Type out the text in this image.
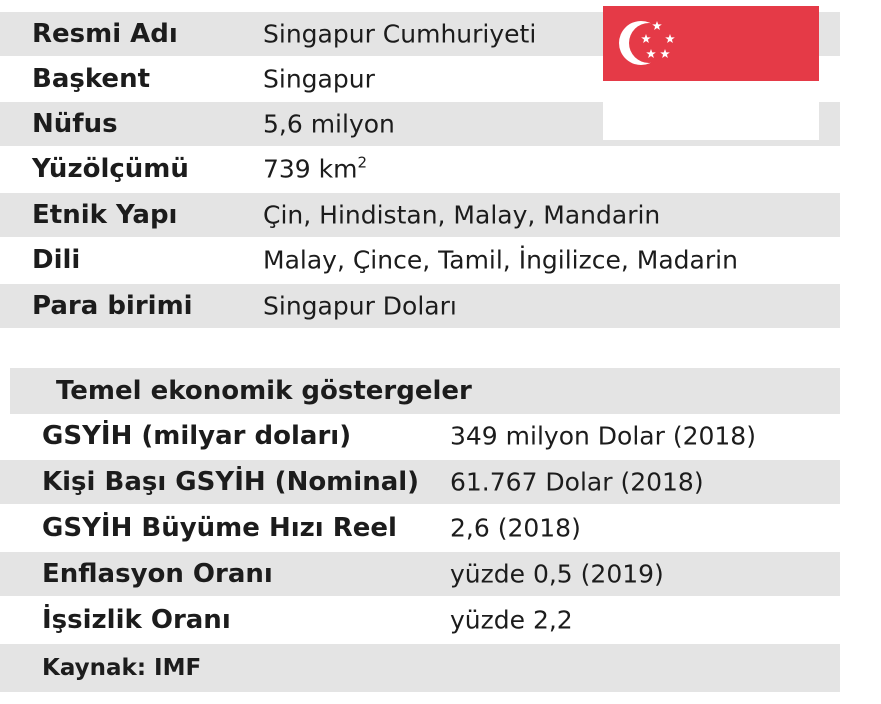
Resmi Adı	Singapur Cumhuriyeti
Başkent	Singapur
Nüfus	5,6 milyon
Yüzölçümü	739 $km^2$
Etnik Yapı	Çin, Hindistan, Malay, Mandarin
Dili	Malay, Çince, Tamil, İngilizce, Madarin
Para birimi	Singapur Doları
Temel ekonomik göstergeler
GSYİH (milyar doları)	349 milyon Dolar (2018)
Kişi Başı GSYİH (Nominal) 61.767 Dolar (2018)
GSYİH Büyüme Hızı Reel 2,6 (2018)
Enflasyon Oranı	yüzde 0,5 (2019)
İşsizlik Oranı	yüzde 2,2
Kaynak: IMF
